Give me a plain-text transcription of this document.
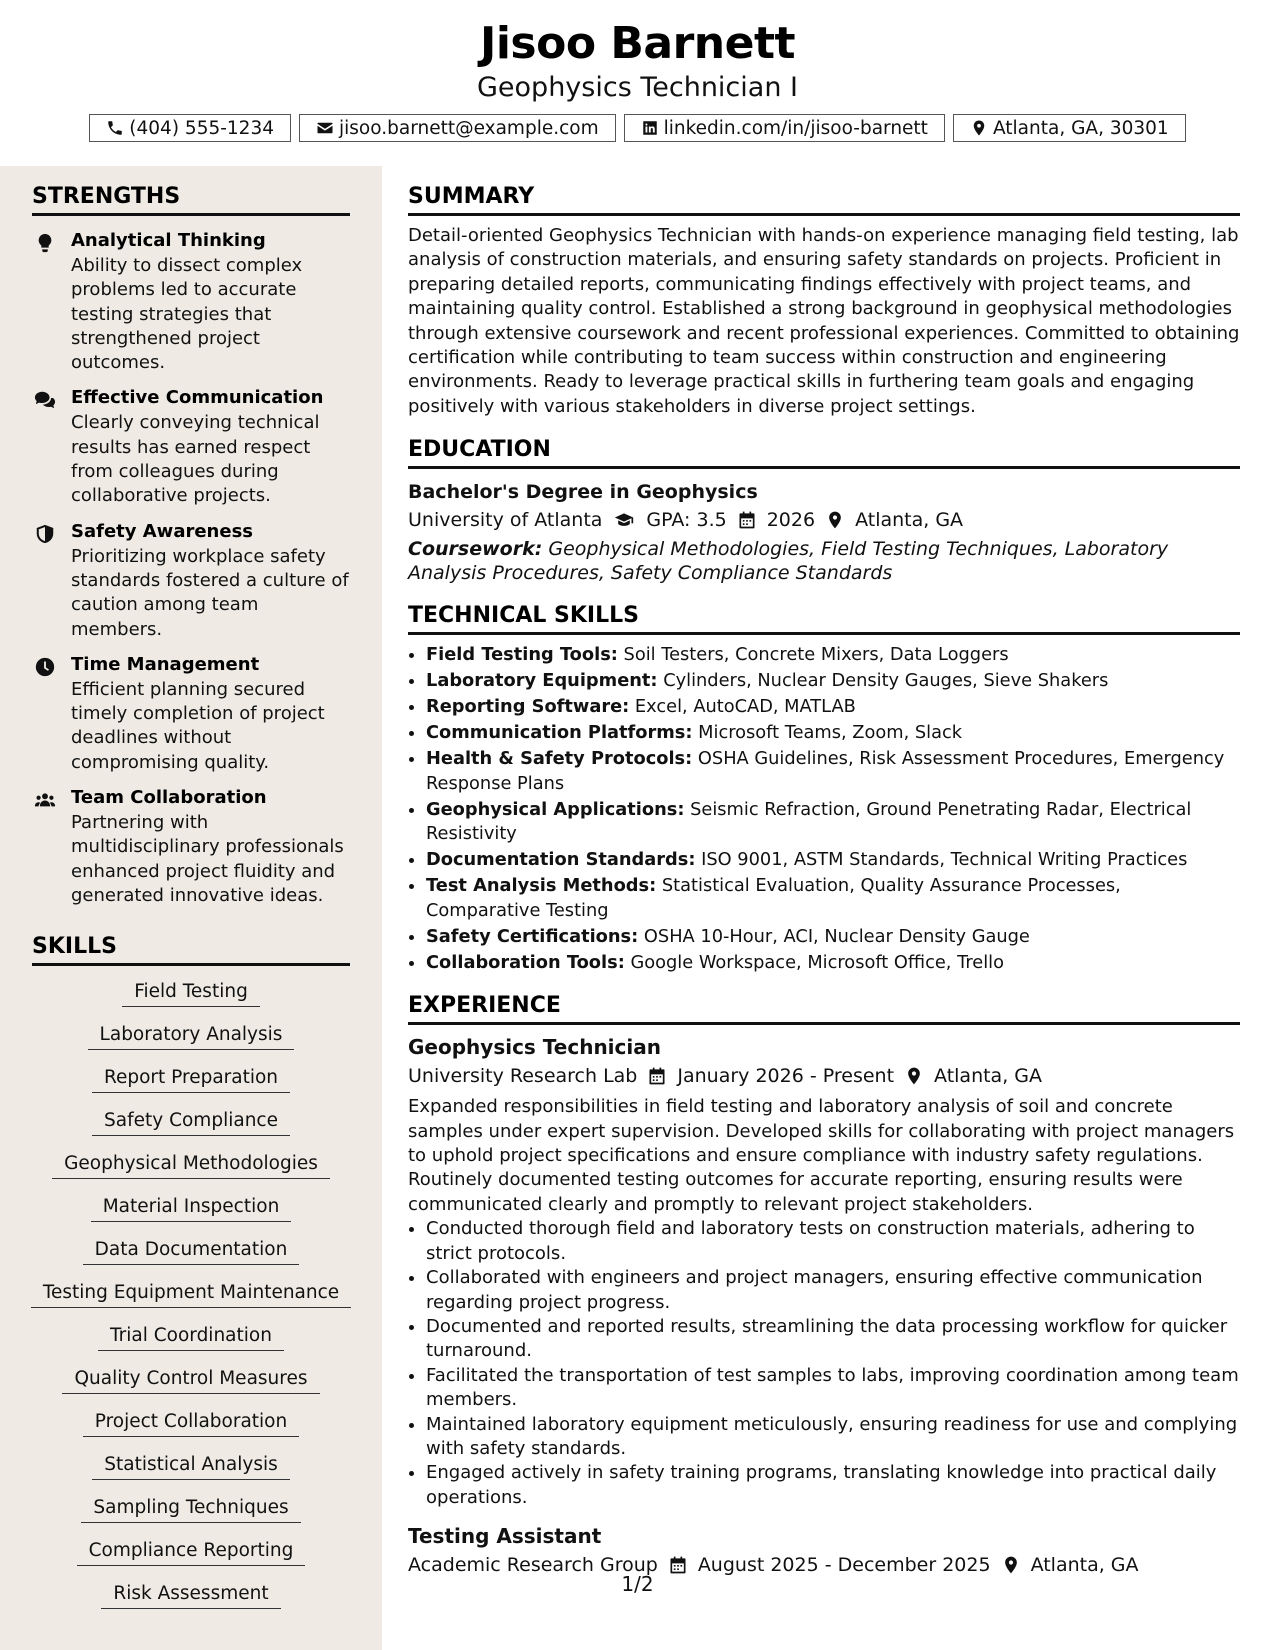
Jisoo Barnett
Geophysics Technician I
(404) 555-1234	jisoo.barnett@example.com	linkedin.com/in/jisoo-barnett	Atlanta, GA, 30301
STRENGTHS
Analytical Thinking
Ability to dissect complex problems led to accurate testing strategies that strengthened project outcomes.
Effective Communication
Clearly conveying technical results has earned respect from colleagues during collaborative projects.
Safety Awareness
Prioritizing workplace safety standards fostered a culture of caution among team members.
Time Management
Efficient planning secured timely completion of project deadlines without compromising quality.
Team Collaboration
Partnering with multidisciplinary professionals enhanced project fluidity and generated innovative ideas.
SKILLS
Field Testing
Laboratory Analysis
Report Preparation
Safety Compliance
Geophysical Methodologies
Material Inspection
Data Documentation
Testing Equipment Maintenance
Trial Coordination
Quality Control Measures
Project Collaboration
Statistical Analysis
Sampling Techniques
Compliance Reporting
Risk Assessment
SUMMARY
Detail-oriented Geophysics Technician with hands-on experience managing field testing, lab analysis of construction materials, and ensuring safety standards on projects. Proficient in preparing detailed reports, communicating findings effectively with project teams, and maintaining quality control. Established a strong background in geophysical methodologies through extensive coursework and recent professional experiences. Committed to obtaining certification while contributing to team success within construction and engineering environments. Ready to leverage practical skills in furthering team goals and engaging positively with various stakeholders in diverse project settings.
EDUCATION
Bachelor's Degree in Geophysics
University of Atlanta GPA: 3.5 2026 Atlanta, GA
Coursework: Geophysical Methodologies, Field Testing Techniques, Laboratory Analysis Procedures, Safety Compliance Standards
TECHNICAL SKILLS
• Field Testing Tools: Soil Testers, Concrete Mixers, Data Loggers
• Laboratory Equipment: Cylinders, Nuclear Density Gauges, Sieve Shakers
• Reporting Software: Excel, AutoCAD, MATLAB
• Communication Platforms: Microsoft Teams, Zoom, Slack
• Health & Safety Protocols: OSHA Guidelines, Risk Assessment Procedures, Emergency Response Plans
• Geophysical Applications: Seismic Refraction, Ground Penetrating Radar, Electrical Resistivity
• Documentation Standards: ISO 9001, ASTM Standards, Technical Writing Practices
• Test Analysis Methods: Statistical Evaluation, Quality Assurance Processes, Comparative Testing
• Safety Certifications: OSHA 10-Hour, ACI, Nuclear Density Gauge
• Collaboration Tools: Google Workspace, Microsoft Office, Trello
EXPERIENCE
Geophysics Technician
University Research Lab January 2026 - Present Atlanta, GA
Expanded responsibilities in field testing and laboratory analysis of soil and concrete samples under expert supervision. Developed skills for collaborating with project managers to uphold project specifications and ensure compliance with industry safety regulations. Routinely documented testing outcomes for accurate reporting, ensuring results were communicated clearly and promptly to relevant project stakeholders.
• Conducted thorough field and laboratory tests on construction materials, adhering to strict protocols.
• Collaborated with engineers and project managers, ensuring effective communication regarding project progress.
• Documented and reported results, streamlining the data processing workflow for quicker turnaround.
• Facilitated the transportation of test samples to labs, improving coordination among team members.
• Maintained laboratory equipment meticulously, ensuring readiness for use and complying with safety standards.
• Engaged actively in safety training programs, translating knowledge into practical daily operations.
Testing Assistant
Academic Research Group August 2025 - December 2025 Atlanta, GA
1/2
